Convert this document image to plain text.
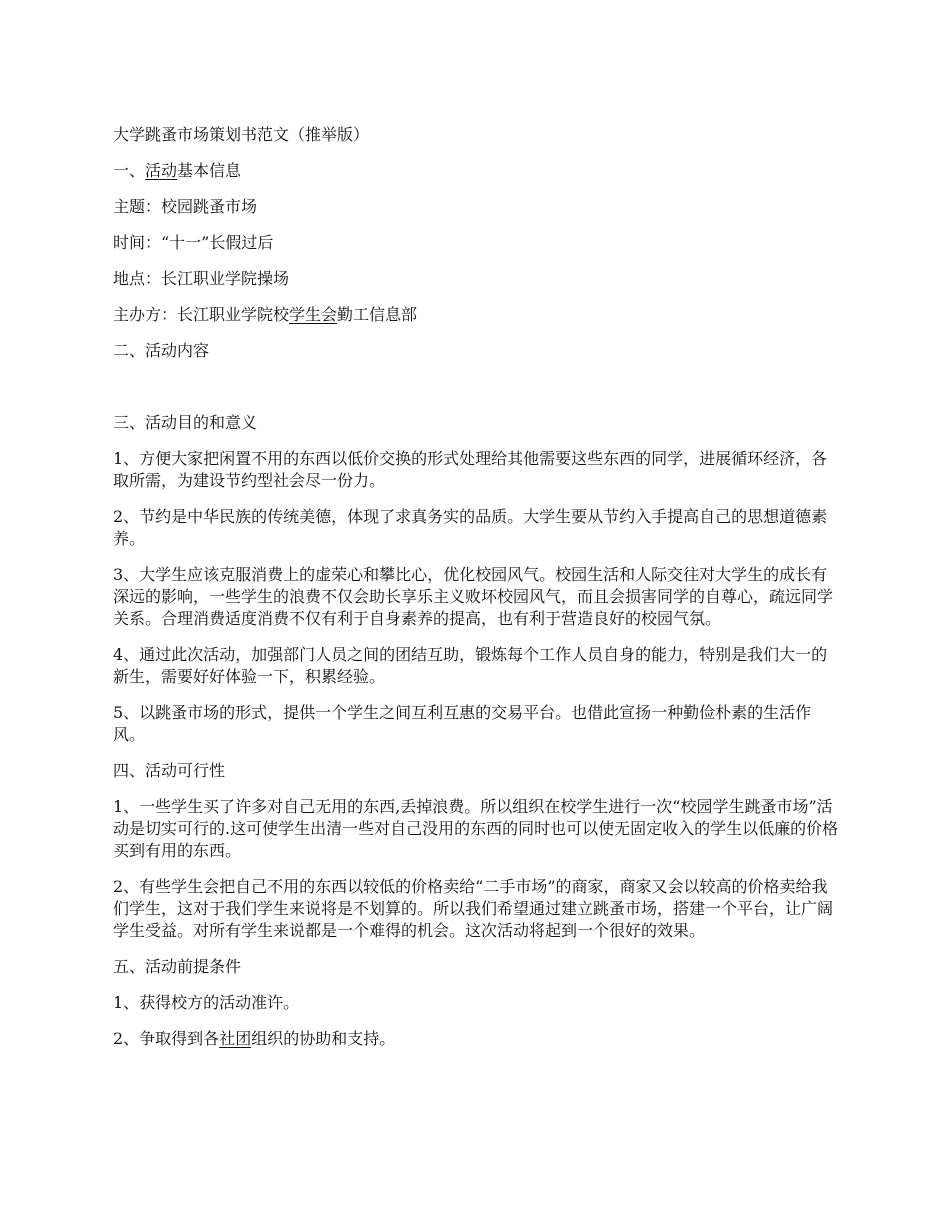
大学跳蚤市场策划书范文（推举版）

一、活动基本信息

主题：校园跳蚤市场

时间：“十一”长假过后

地点：长江职业学院操场

主办方：长江职业学院校学生会勤工信息部

二、活动内容

三、活动目的和意义

1、方便大家把闲置不用的东西以低价交换的形式处理给其他需要这些东西的同学，进展循环经济，各取所需，为建设节约型社会尽一份力。

2、节约是中华民族的传统美德，体现了求真务实的品质。大学生要从节约入手提高自己的思想道德素养。

3、大学生应该克服消费上的虚荣心和攀比心，优化校园风气。校园生活和人际交往对大学生的成长有深远的影响，一些学生的浪费不仅会助长享乐主义败坏校园风气，而且会损害同学的自尊心，疏远同学关系。合理消费适度消费不仅有利于自身素养的提高，也有利于营造良好的校园气氛。

4、通过此次活动，加强部门人员之间的团结互助，锻炼每个工作人员自身的能力，特别是我们大一的新生，需要好好体验一下，积累经验。

5、以跳蚤市场的形式，提供一个学生之间互利互惠的交易平台。也借此宣扬一种勤俭朴素的生活作风。

四、活动可行性

1、一些学生买了许多对自己无用的东西,丢掉浪费。所以组织在校学生进行一次“校园学生跳蚤市场”活动是切实可行的.这可使学生出清一些对自己没用的东西的同时也可以使无固定收入的学生以低廉的价格买到有用的东西。

2、有些学生会把自己不用的东西以较低的价格卖给“二手市场”的商家，商家又会以较高的价格卖给我们学生，这对于我们学生来说将是不划算的。所以我们希望通过建立跳蚤市场，搭建一个平台，让广阔学生受益。对所有学生来说都是一个难得的机会。这次活动将起到一个很好的效果。

五、活动前提条件

1、获得校方的活动准许。

2、争取得到各社团组织的协助和支持。
